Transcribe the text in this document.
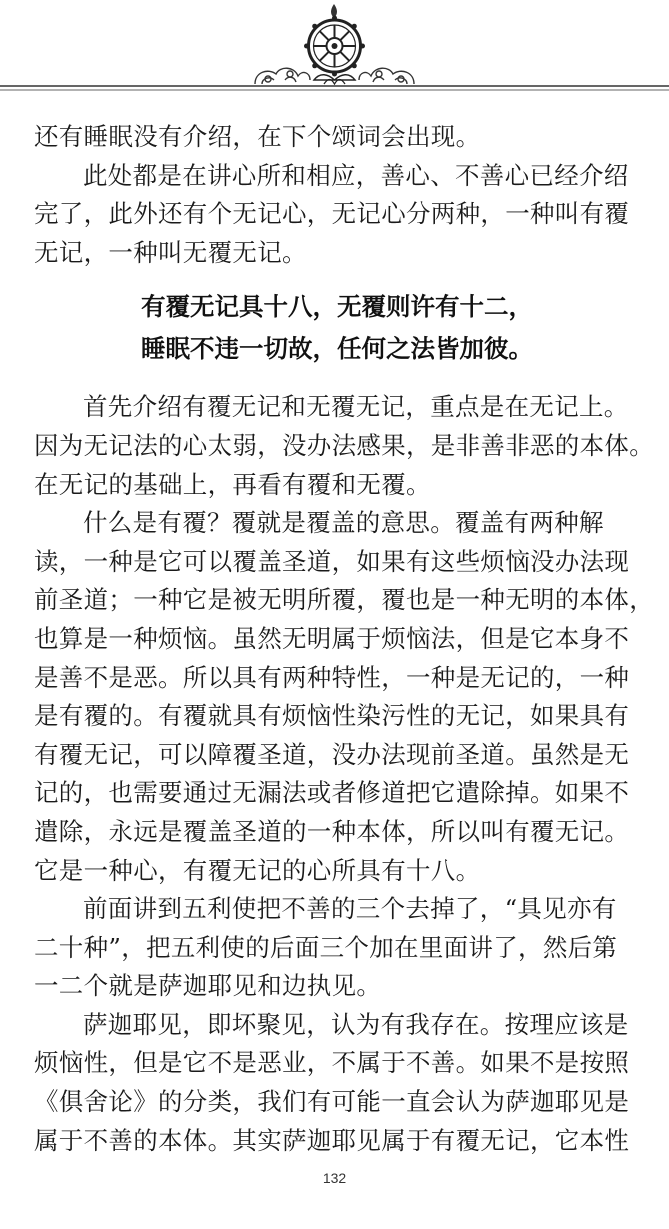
还有睡眠没有介绍，在下个颂词会出现。
此处都是在讲心所和相应，善心、不善心已经介绍
完了，此外还有个无记心，无记心分两种，一种叫有覆
无记，一种叫无覆无记。
有覆无记具十八，无覆则许有十二，
睡眠不违一切故，任何之法皆加彼。
首先介绍有覆无记和无覆无记，重点是在无记上。
因为无记法的心太弱，没办法感果，是非善非恶的本体。
在无记的基础上，再看有覆和无覆。
什么是有覆？覆就是覆盖的意思。覆盖有两种解
读，一种是它可以覆盖圣道，如果有这些烦恼没办法现
前圣道；一种它是被无明所覆，覆也是一种无明的本体，
也算是一种烦恼。虽然无明属于烦恼法，但是它本身不
是善不是恶。所以具有两种特性，一种是无记的，一种
是有覆的。有覆就具有烦恼性染污性的无记，如果具有
有覆无记，可以障覆圣道，没办法现前圣道。虽然是无
记的，也需要通过无漏法或者修道把它遣除掉。如果不
遣除，永远是覆盖圣道的一种本体，所以叫有覆无记。
它是一种心，有覆无记的心所具有十八。
前面讲到五利使把不善的三个去掉了，“具见亦有
二十种”，把五利使的后面三个加在里面讲了，然后第
一二个就是萨迦耶见和边执见。
萨迦耶见，即坏聚见，认为有我存在。按理应该是
烦恼性，但是它不是恶业，不属于不善。如果不是按照
《俱舍论》的分类，我们有可能一直会认为萨迦耶见是
属于不善的本体。其实萨迦耶见属于有覆无记，它本性
132
